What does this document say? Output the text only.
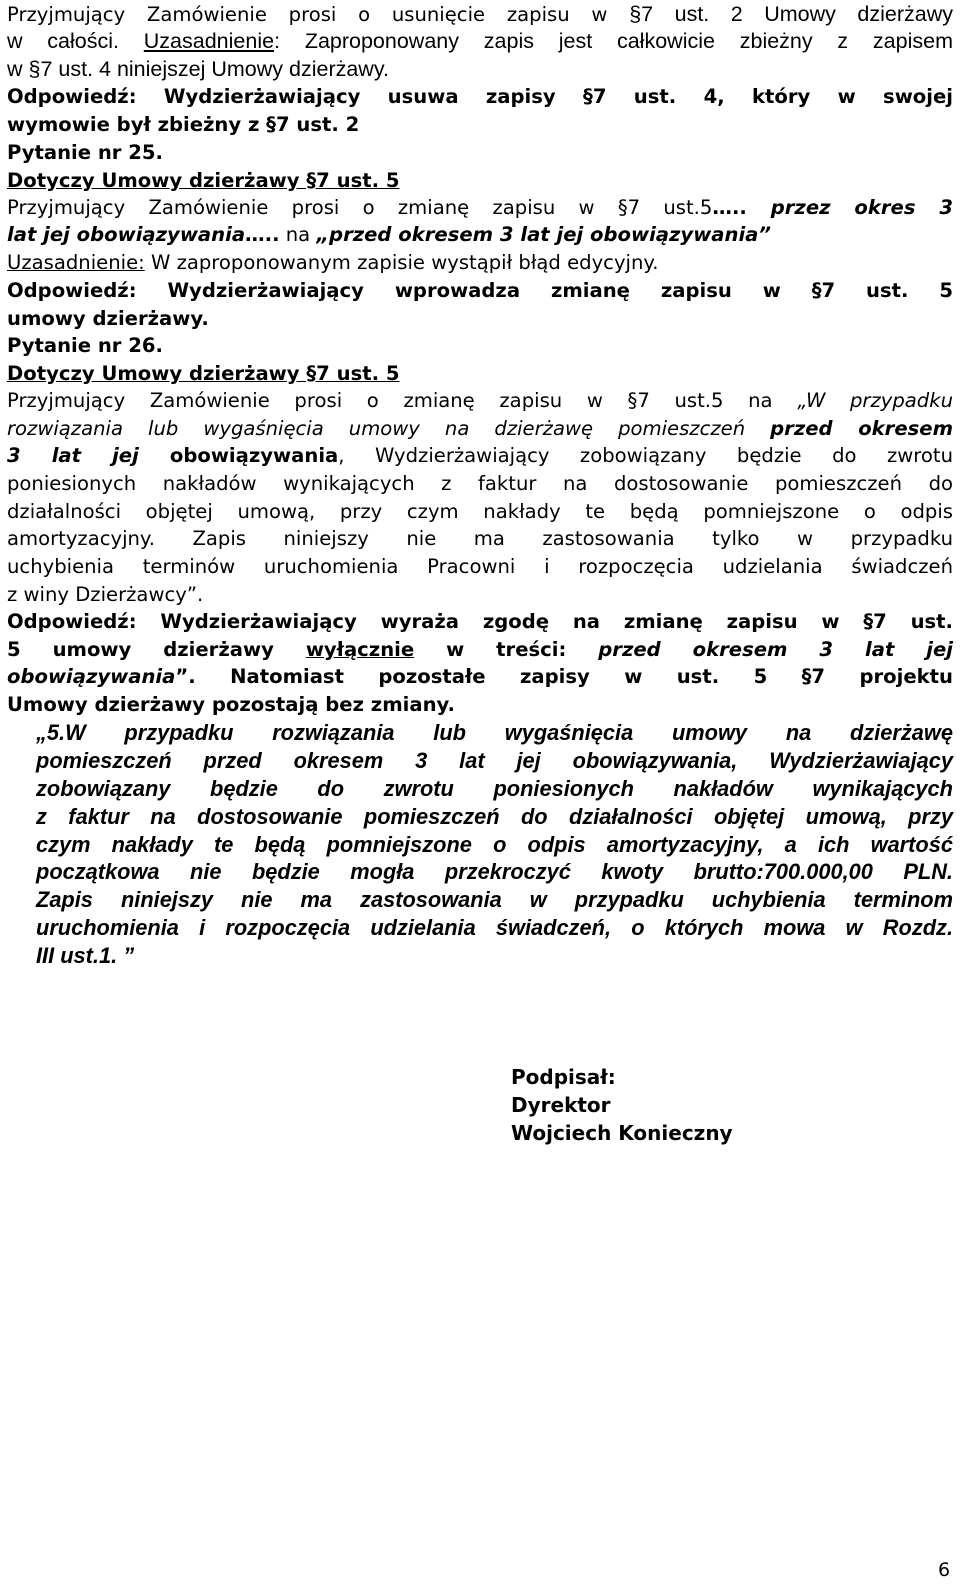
Przyjmujący Zamówienie prosi o usunięcie zapisu w §7 ust. 2 Umowy dzierżawy
w całości. Uzasadnienie: Zaproponowany zapis jest całkowicie zbieżny z zapisem
w §7 ust. 4 niniejszej Umowy dzierżawy.
Odpowiedź: Wydzierżawiający usuwa zapisy §7 ust. 4, który w swojej
wymowie był zbieżny z §7 ust. 2
Pytanie nr 25.
Dotyczy Umowy dzierżawy §7 ust. 5
Przyjmujący Zamówienie prosi o zmianę zapisu w §7 ust.5….. przez okres 3
lat jej obowiązywania….. na „przed okresem 3 lat jej obowiązywania”
Uzasadnienie: W zaproponowanym zapisie wystąpił błąd edycyjny.
Odpowiedź: Wydzierżawiający wprowadza zmianę zapisu w §7 ust. 5
umowy dzierżawy.
Pytanie nr 26.
Dotyczy Umowy dzierżawy §7 ust. 5
Przyjmujący Zamówienie prosi o zmianę zapisu w §7 ust.5 na „W przypadku
rozwiązania lub wygaśnięcia umowy na dzierżawę pomieszczeń przed okresem
3 lat jej obowiązywania, Wydzierżawiający zobowiązany będzie do zwrotu
poniesionych nakładów wynikających z faktur na dostosowanie pomieszczeń do
działalności objętej umową, przy czym nakłady te będą pomniejszone o odpis
amortyzacyjny. Zapis niniejszy nie ma zastosowania tylko w przypadku
uchybienia terminów uruchomienia Pracowni i rozpoczęcia udzielania świadczeń
z winy Dzierżawcy”.
Odpowiedź: Wydzierżawiający wyraża zgodę na zmianę zapisu w §7 ust.
5 umowy dzierżawy wyłącznie w treści: przed okresem 3 lat jej
obowiązywania”. Natomiast pozostałe zapisy w ust. 5 §7 projektu
Umowy dzierżawy pozostają bez zmiany.
„5.W przypadku rozwiązania lub wygaśnięcia umowy na dzierżawę
pomieszczeń przed okresem 3 lat jej obowiązywania, Wydzierżawiający
zobowiązany będzie do zwrotu poniesionych nakładów wynikających
z faktur na dostosowanie pomieszczeń do działalności objętej umową, przy
czym nakłady te będą pomniejszone o odpis amortyzacyjny, a ich wartość
początkowa nie będzie mogła przekroczyć kwoty brutto:700.000,00 PLN.
Zapis niniejszy nie ma zastosowania w przypadku uchybienia terminom
uruchomienia i rozpoczęcia udzielania świadczeń, o których mowa w Rozdz.
III ust.1. ”
Podpisał:
Dyrektor
Wojciech Konieczny
6
